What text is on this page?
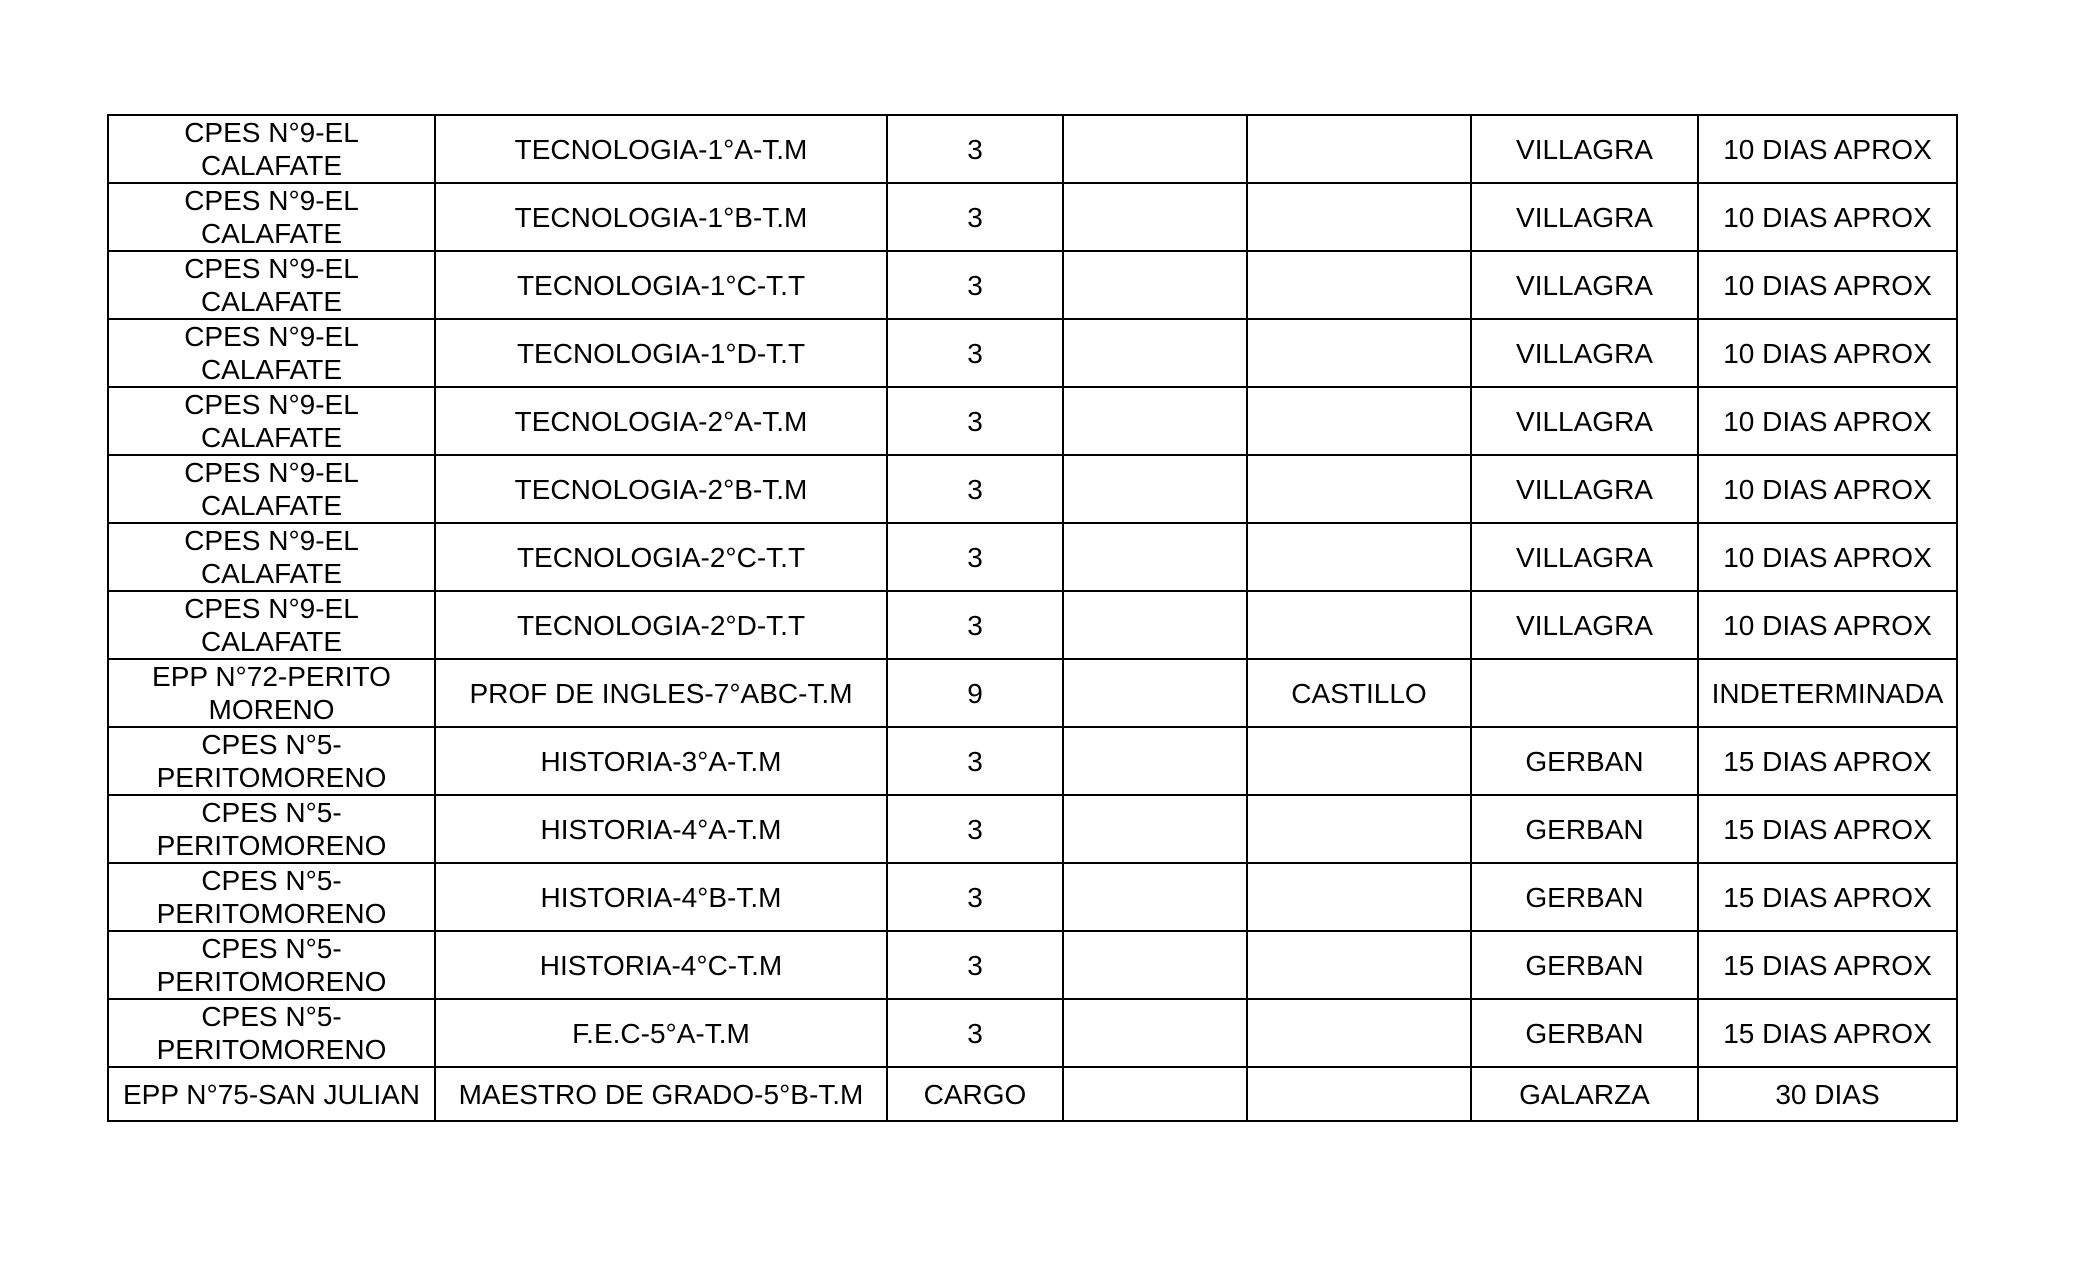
CPES N°9-EL CALAFATE	TECNOLOGIA-1°A-T.M	3			VILLAGRA	10 DIAS APROX
CPES N°9-EL CALAFATE	TECNOLOGIA-1°B-T.M	3			VILLAGRA	10 DIAS APROX
CPES N°9-EL CALAFATE	TECNOLOGIA-1°C-T.T	3			VILLAGRA	10 DIAS APROX
CPES N°9-EL CALAFATE	TECNOLOGIA-1°D-T.T	3			VILLAGRA	10 DIAS APROX
CPES N°9-EL CALAFATE	TECNOLOGIA-2°A-T.M	3			VILLAGRA	10 DIAS APROX
CPES N°9-EL CALAFATE	TECNOLOGIA-2°B-T.M	3			VILLAGRA	10 DIAS APROX
CPES N°9-EL CALAFATE	TECNOLOGIA-2°C-T.T	3			VILLAGRA	10 DIAS APROX
CPES N°9-EL CALAFATE	TECNOLOGIA-2°D-T.T	3			VILLAGRA	10 DIAS APROX
EPP N°72-PERITO MORENO	PROF DE INGLES-7°ABC-T.M	9		CASTILLO		INDETERMINADA
CPES N°5- PERITOMORENO	HISTORIA-3°A-T.M	3			GERBAN	15 DIAS APROX
CPES N°5- PERITOMORENO	HISTORIA-4°A-T.M	3			GERBAN	15 DIAS APROX
CPES N°5- PERITOMORENO	HISTORIA-4°B-T.M	3			GERBAN	15 DIAS APROX
CPES N°5- PERITOMORENO	HISTORIA-4°C-T.M	3			GERBAN	15 DIAS APROX
CPES N°5- PERITOMORENO	F.E.C-5°A-T.M	3			GERBAN	15 DIAS APROX
EPP N°75-SAN JULIAN	MAESTRO DE GRADO-5°B-T.M	CARGO			GALARZA	30 DIAS
